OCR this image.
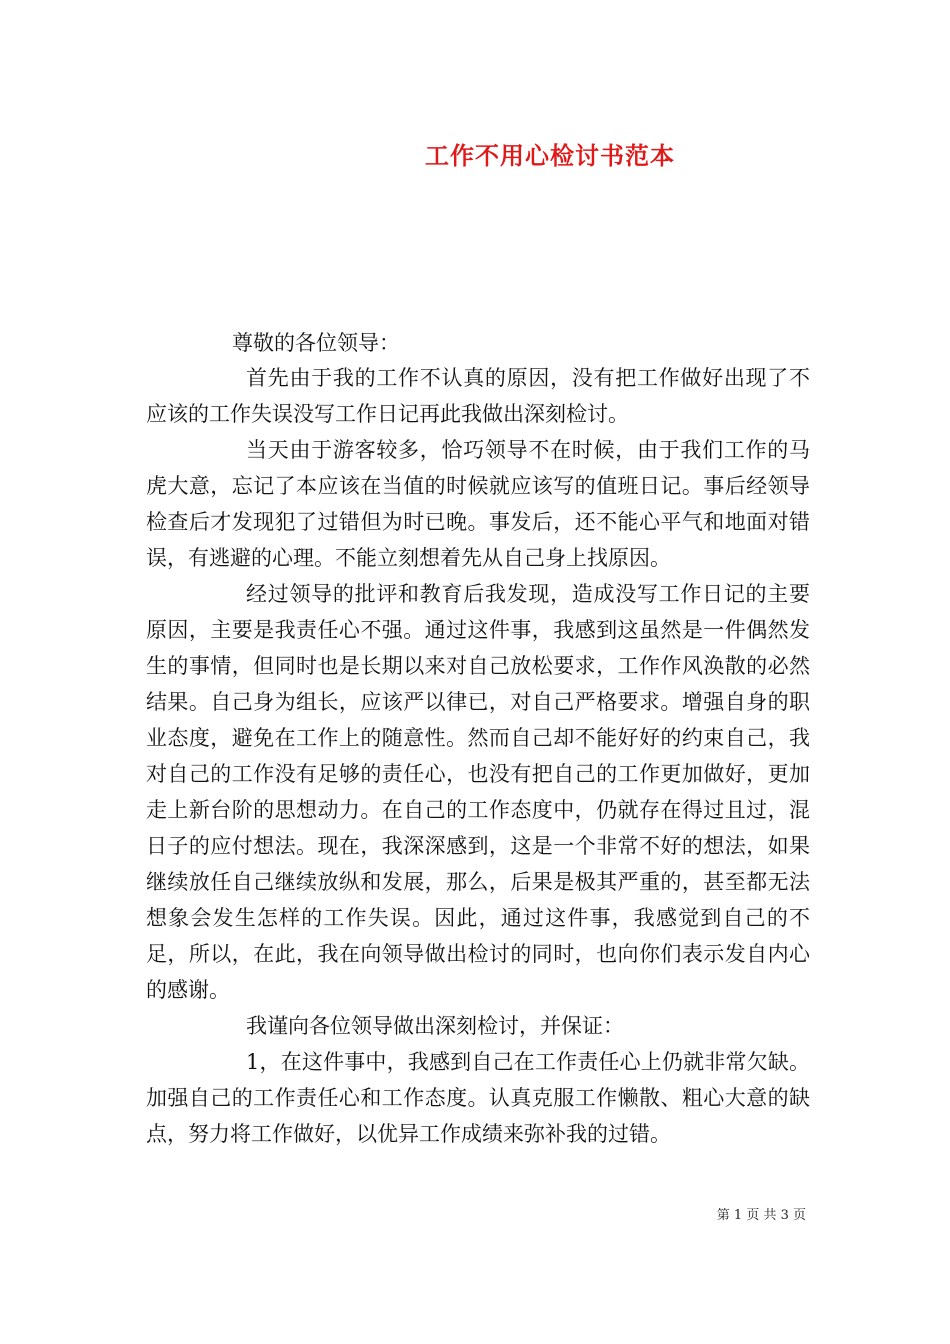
工作不用心检讨书范本
尊敬的各位领导：

首先由于我的工作不认真的原因，没有把工作做好出现了不应该的工作失误没写工作日记再此我做出深刻检讨。

当天由于游客较多，恰巧领导不在时候，由于我们工作的马虎大意，忘记了本应该在当值的时候就应该写的值班日记。事后经领导检查后才发现犯了过错但为时已晚。事发后，还不能心平气和地面对错误，有逃避的心理。不能立刻想着先从自己身上找原因。

经过领导的批评和教育后我发现，造成没写工作日记的主要原因，主要是我责任心不强。通过这件事，我感到这虽然是一件偶然发生的事情，但同时也是长期以来对自己放松要求，工作作风涣散的必然结果。自己身为组长，应该严以律已，对自己严格要求。增强自身的职业态度，避免在工作上的随意性。然而自己却不能好好的约束自己，我对自己的工作没有足够的责任心，也没有把自己的工作更加做好，更加走上新台阶的思想动力。在自己的工作态度中，仍就存在得过且过，混日子的应付想法。现在，我深深感到，这是一个非常不好的想法，如果继续放任自己继续放纵和发展，那么，后果是极其严重的，甚至都无法想象会发生怎样的工作失误。因此，通过这件事，我感觉到自己的不足，所以，在此，我在向领导做出检讨的同时，也向你们表示发自内心的感谢。

我谨向各位领导做出深刻检讨，并保证：

1，在这件事中，我感到自己在工作责任心上仍就非常欠缺。加强自己的工作责任心和工作态度。认真克服工作懒散、粗心大意的缺点，努力将工作做好，以优异工作成绩来弥补我的过错。

第 1 页 共 3 页
